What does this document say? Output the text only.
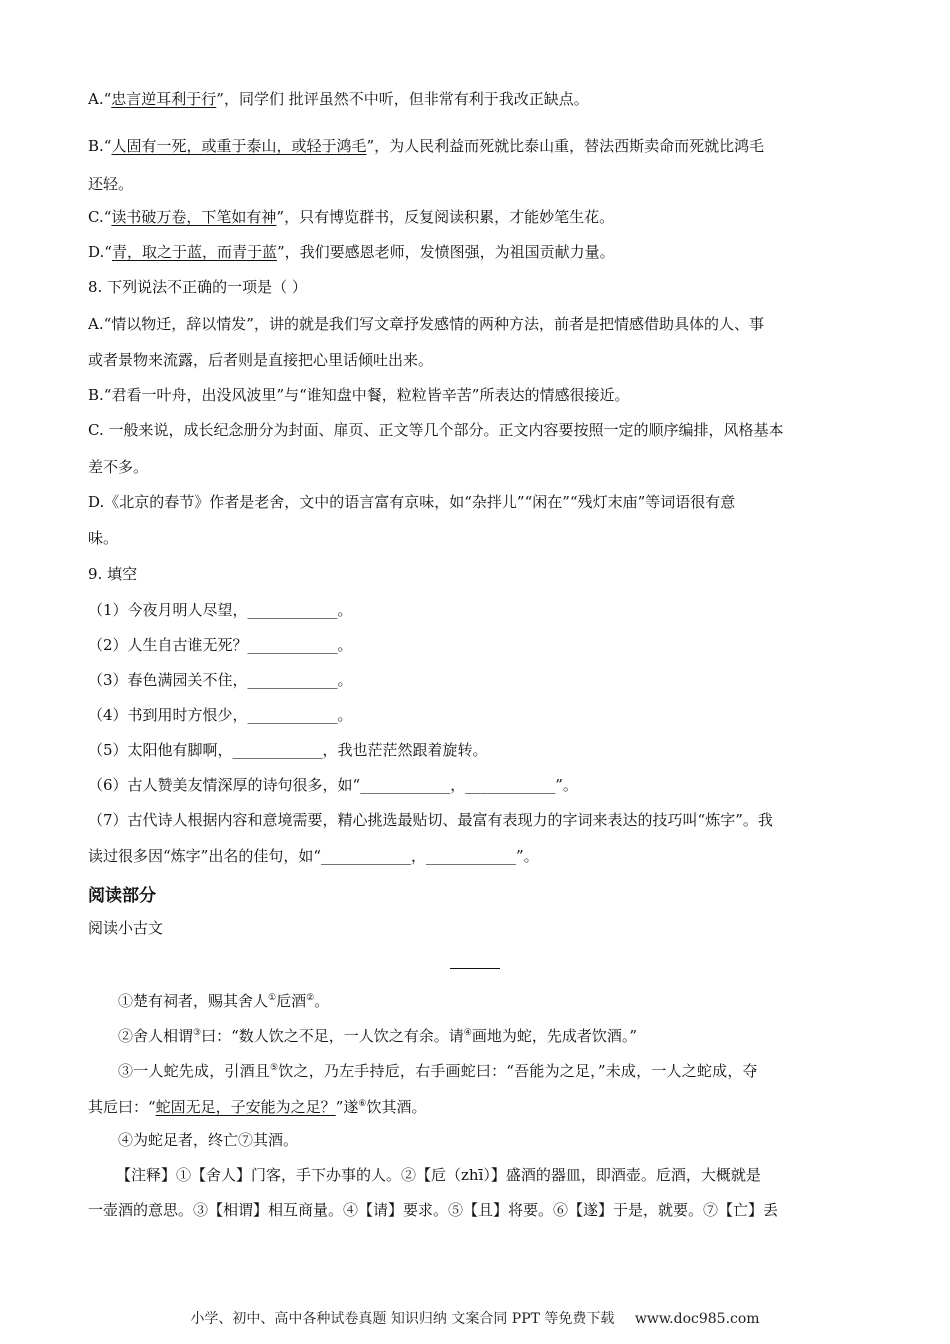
A.“忠言逆耳利于行”，同学们 批评虽然不中听，但非常有利于我改正缺点。
B.“人固有一死，或重于泰山，或轻于鸿毛”，为人民利益而死就比泰山重，替法西斯卖命而死就比鸿毛
还轻。
C.“读书破万卷，下笔如有神”，只有博览群书，反复阅读积累，才能妙笔生花。
D.“青，取之于蓝，而青于蓝”，我们要感恩老师，发愤图强，为祖国贡献力量。
8. 下列说法不正确的一项是（ ）
A.“情以物迁，辞以情发”，讲的就是我们写文章抒发感情的两种方法，前者是把情感借助具体的人、事
或者景物来流露，后者则是直接把心里话倾吐出来。
B.“君看一叶舟，出没风波里”与“谁知盘中餐，粒粒皆辛苦”所表达的情感很接近。
C. 一般来说，成长纪念册分为封面、扉页、正文等几个部分。正文内容要按照一定的顺序编排，风格基本
差不多。
D.《北京的春节》作者是老舍，文中的语言富有京味，如“杂拌儿”“闲在”“残灯末庙”等词语很有意
味。
9. 填空
（1）今夜月明人尽望，____________。
（2）人生自古谁无死？____________。
（3）春色满园关不住，____________。
（4）书到用时方恨少，____________。
（5）太阳他有脚啊，____________，我也茫茫然跟着旋转。
（6）古人赞美友情深厚的诗句很多，如“____________，____________”。
（7）古代诗人根据内容和意境需要，精心挑选最贴切、最富有表现力的字词来表达的技巧叫“炼字”。我
读过很多因“炼字”出名的佳句，如“____________，____________”。
阅读部分
阅读小古文
①楚有祠者，赐其舍人①卮酒②。
②舍人相谓③曰：“数人饮之不足，一人饮之有余。请④画地为蛇，先成者饮酒。”
③一人蛇先成，引酒且⑤饮之，乃左手持卮，右手画蛇曰：“吾能为之足，”未成，一人之蛇成，夺
其卮曰：“蛇固无足，子安能为之足？”遂⑥饮其酒。
④为蛇足者，终亡⑦其酒。
【注释】①【舍人】门客，手下办事的人。②【卮（zhī）】盛酒的器皿，即酒壶。卮酒，大概就是
一壶酒的意思。③【相谓】相互商量。④【请】要求。⑤【且】将要。⑥【遂】于是，就要。⑦【亡】丢
小学、初中、高中各种试卷真题 知识归纳 文案合同 PPT 等免费下载 www.doc985.com
